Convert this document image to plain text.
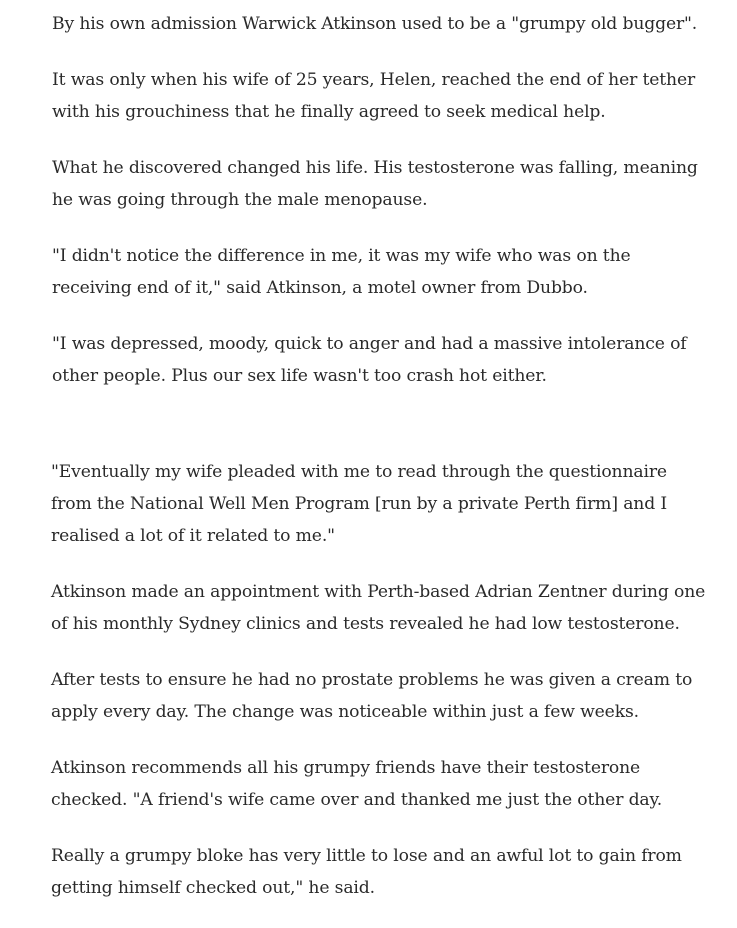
By his own admission Warwick Atkinson used to be a "grumpy old bugger".

It was only when his wife of 25 years, Helen, reached the end of her tether with his grouchiness that he finally agreed to seek medical help.

What he discovered changed his life. His testosterone was falling, meaning he was going through the male menopause.

"I didn't notice the difference in me, it was my wife who was on the receiving end of it," said Atkinson, a motel owner from Dubbo.

"I was depressed, moody, quick to anger and had a massive intolerance of other people. Plus our sex life wasn't too crash hot either.

"Eventually my wife pleaded with me to read through the questionnaire from the National Well Men Program [run by a private Perth firm] and I realised a lot of it related to me."

Atkinson made an appointment with Perth-based Adrian Zentner during one of his monthly Sydney clinics and tests revealed he had low testosterone.

After tests to ensure he had no prostate problems he was given a cream to apply every day. The change was noticeable within just a few weeks.

Atkinson recommends all his grumpy friends have their testosterone checked. "A friend's wife came over and thanked me just the other day.

Really a grumpy bloke has very little to lose and an awful lot to gain from getting himself checked out," he said.
